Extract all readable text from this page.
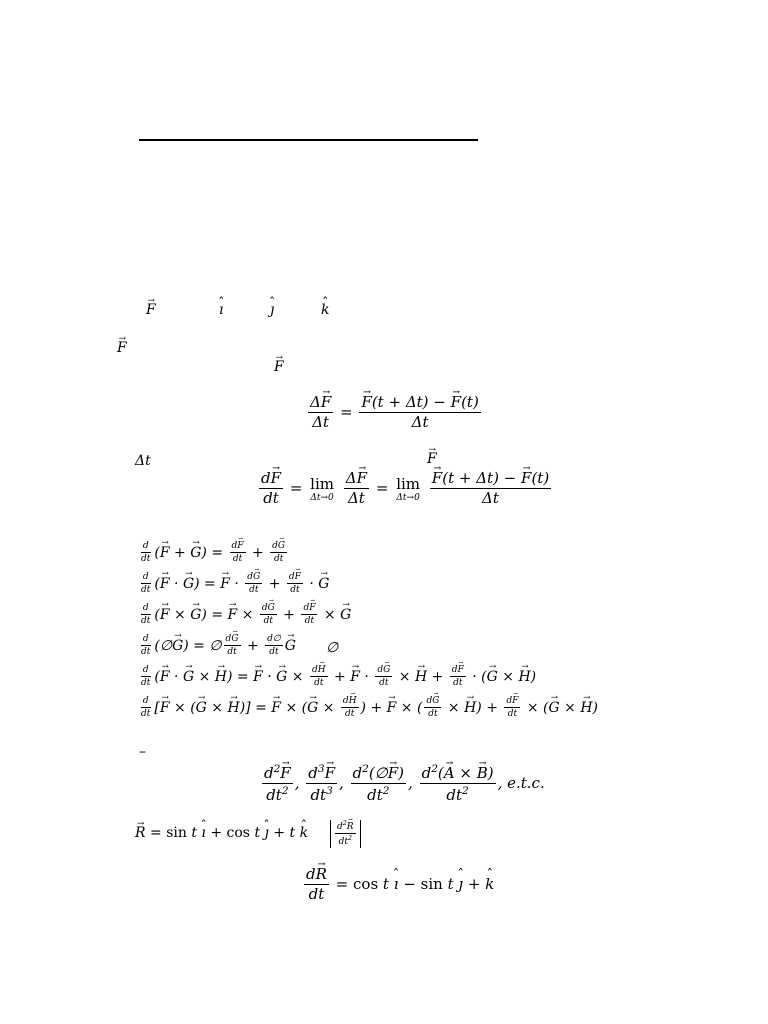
→ F
ˆ	ı
ˆ	ȷ
ˆ	k
→ F
→ F
$\frac{\Delta\to F}{\Delta t}$ =
→ $\frac{F(t + \Delta t) - \to F(t)}{\Delta t}$
Δt
→	F
$\frac{d\to F}{dt} = \lim$
Δt→0
$\frac{\Delta\to F}{\Delta t} = \lim$
Δt→0

→ $\frac{F(t + \Delta t) - \to F(t)}{\Delta t}$
$\frac{d}{dt}$ (→ F + → $G) = \frac{d\to F}{dt} + \frac{d\to G}{dt}$
$\frac{d}{dt}$ (→ F · → G) = → $F \cdot \frac{d\to G}{dt} + \frac{d\to F}{dt}$ · → G
$\frac{d}{dt}$ (→ F × → G) = → $F \times \frac{d\to G}{dt} + \frac{d\to F}{dt}$ × → G
$\frac{d}{dt}$ (∅→ G) = ∅ $\frac{d\to G}{dt} + \frac{d\emptyset}{dt}$
→ G ∅
$\frac{d}{dt}$ (→ F · → G × → H) = → F · → $G \times \frac{d\to H}{dt}$ + → $F \cdot \frac{d\to G}{dt}$ × → $H + \frac{d\to F}{dt}$ · (→ G × → H)
$\frac{d}{dt}$ [→ F × (→ G × → H)] = → F × (→ $G \times \frac{d\to H}{dt}$ ) + → F × ( $\frac{d\to G}{dt}$ × → $H) + \frac{d\to F}{dt}$ × (→ G × → H)
–
$\frac{d^2\to F}{dt^2}$ , $\frac{d^3\to F}{dt^3}$ , $\frac{d^2(\emptyset\to F)}{dt^2}$ , $\frac{d^2(\to A \times \to B)}{dt^2}$ , e.t.c.
→ R = sin t ˆ ı + cos t ˆ ȷ + t ˆ k	$\frac{d^2\to R}{dt^2}$
$\frac{d\to R}{dt} = \cos t$ ˆ ı − sin t ˆ ȷ + ˆ k
